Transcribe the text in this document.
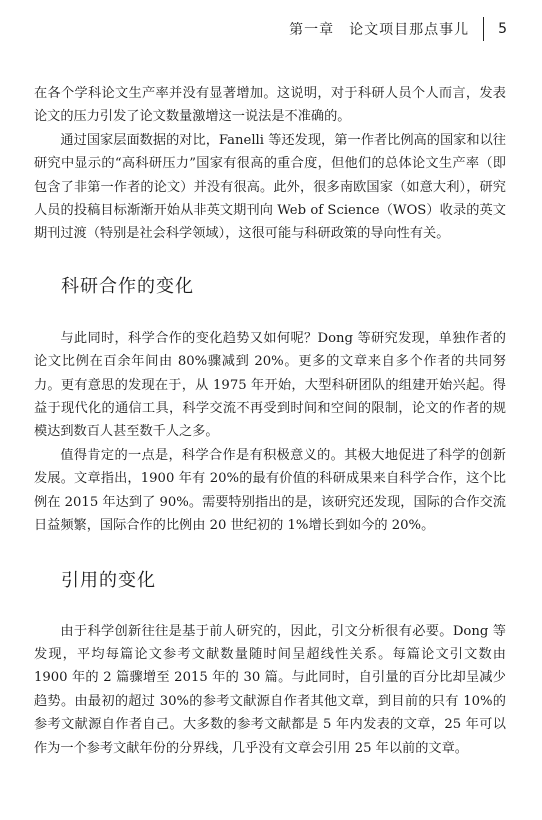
第一章　论文项目那点事儿 5

在各个学科论文生产率并没有显著增加。这说明，对于科研人员个人而言，发表论文的压力引发了论文数量激增这一说法是不准确的。

通过国家层面数据的对比，Fanelli 等还发现，第一作者比例高的国家和以往研究中显示的“高科研压力”国家有很高的重合度，但他们的总体论文生产率（即包含了非第一作者的论文）并没有很高。此外，很多南欧国家（如意大利），研究人员的投稿目标渐渐开始从非英文期刊向 Web of Science（WOS）收录的英文期刊过渡（特别是社会科学领域），这很可能与科研政策的导向性有关。

科研合作的变化

与此同时，科学合作的变化趋势又如何呢？Dong 等研究发现，单独作者的论文比例在百余年间由 80%骤减到 20%。更多的文章来自多个作者的共同努力。更有意思的发现在于，从 1975 年开始，大型科研团队的组建开始兴起。得益于现代化的通信工具，科学交流不再受到时间和空间的限制，论文的作者的规模达到数百人甚至数千人之多。

值得肯定的一点是，科学合作是有积极意义的。其极大地促进了科学的创新发展。文章指出，1900 年有 20%的最有价值的科研成果来自科学合作，这个比例在 2015 年达到了 90%。需要特别指出的是，该研究还发现，国际的合作交流日益频繁，国际合作的比例由 20 世纪初的 1%增长到如今的 20%。

引用的变化

由于科学创新往往是基于前人研究的，因此，引文分析很有必要。Dong 等发现，平均每篇论文参考文献数量随时间呈超线性关系。每篇论文引文数由 1900 年的 2 篇骤增至 2015 年的 30 篇。与此同时，自引量的百分比却呈减少趋势。由最初的超过 30%的参考文献源自作者其他文章，到目前的只有 10%的参考文献源自作者自己。大多数的参考文献都是 5 年内发表的文章，25 年可以作为一个参考文献年份的分界线，几乎没有文章会引用 25 年以前的文章。
